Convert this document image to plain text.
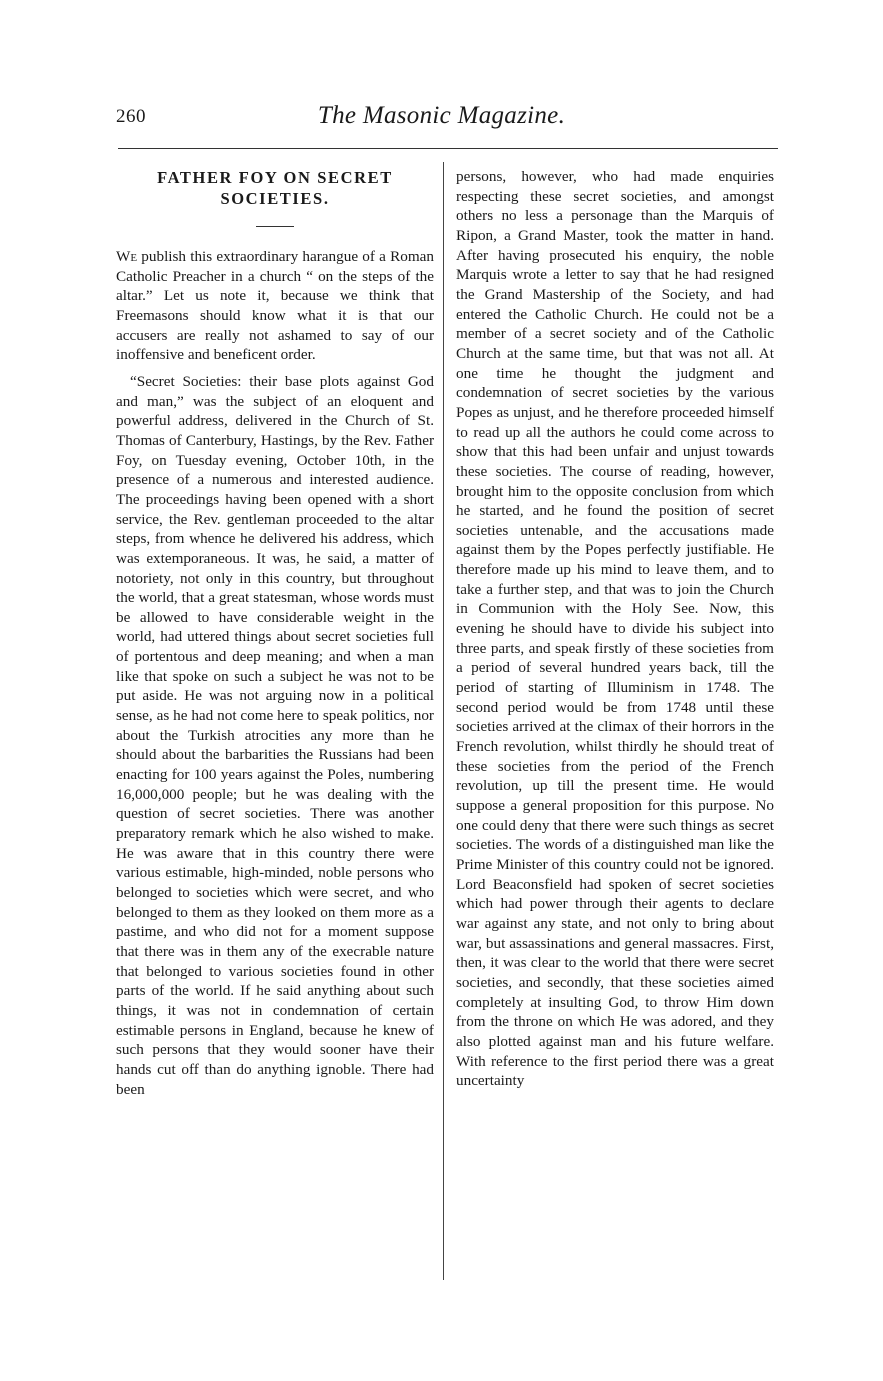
260	The Masonic Magazine.
FATHER FOY ON SECRET SOCIETIES.

We publish this extraordinary harangue of a Roman Catholic Preacher in a church “ on the steps of the altar.” Let us note it, because we think that Freemasons should know what it is that our accusers are really not ashamed to say of our inoffensive and beneficent order.

“Secret Societies: their base plots against God and man,” was the subject of an eloquent and powerful address, delivered in the Church of St. Thomas of Canterbury, Hastings, by the Rev. Father Foy, on Tuesday evening, October 10th, in the presence of a numerous and interested audience. The proceedings having been opened with a short service, the Rev. gentleman proceeded to the altar steps, from whence he delivered his address, which was extemporaneous. It was, he said, a matter of notoriety, not only in this country, but throughout the world, that a great statesman, whose words must be allowed to have considerable weight in the world, had uttered things about secret societies full of portentous and deep meaning; and when a man like that spoke on such a subject he was not to be put aside. He was not arguing now in a political sense, as he had not come here to speak politics, nor about the Turkish atrocities any more than he should about the barbarities the Russians had been enacting for 100 years against the Poles, numbering 16,000,000 people; but he was dealing with the question of secret societies. There was another preparatory remark which he also wished to make. He was aware that in this country there were various estimable, high-minded, noble persons who belonged to societies which were secret, and who belonged to them as they looked on them more as a pastime, and who did not for a moment suppose that there was in them any of the execrable nature that belonged to various societies found in other parts of the world. If he said anything about such things, it was not in condemnation of certain estimable persons in England, because he knew of such persons that they would sooner have their hands cut off than do anything ignoble. There had been

persons, however, who had made enquiries respecting these secret societies, and amongst others no less a personage than the Marquis of Ripon, a Grand Master, took the matter in hand. After having prosecuted his enquiry, the noble Marquis wrote a letter to say that he had resigned the Grand Mastership of the Society, and had entered the Catholic Church. He could not be a member of a secret society and of the Catholic Church at the same time, but that was not all. At one time he thought the judgment and condemnation of secret societies by the various Popes as unjust, and he therefore proceeded himself to read up all the authors he could come across to show that this had been unfair and unjust towards these societies. The course of reading, however, brought him to the opposite conclusion from which he started, and he found the position of secret societies untenable, and the accusations made against them by the Popes perfectly justifiable. He therefore made up his mind to leave them, and to take a further step, and that was to join the Church in Communion with the Holy See. Now, this evening he should have to divide his subject into three parts, and speak firstly of these societies from a period of several hundred years back, till the period of starting of Illuminism in 1748. The second period would be from 1748 until these societies arrived at the climax of their horrors in the French revolution, whilst thirdly he should treat of these societies from the period of the French revolution, up till the present time. He would suppose a general proposition for this purpose. No one could deny that there were such things as secret societies. The words of a distinguished man like the Prime Minister of this country could not be ignored. Lord Beaconsfield had spoken of secret societies which had power through their agents to declare war against any state, and not only to bring about war, but assassinations and general massacres. First, then, it was clear to the world that there were secret societies, and secondly, that these societies aimed completely at insulting God, to throw Him down from the throne on which He was adored, and they also plotted against man and his future welfare. With reference to the first period there was a great uncertainty
